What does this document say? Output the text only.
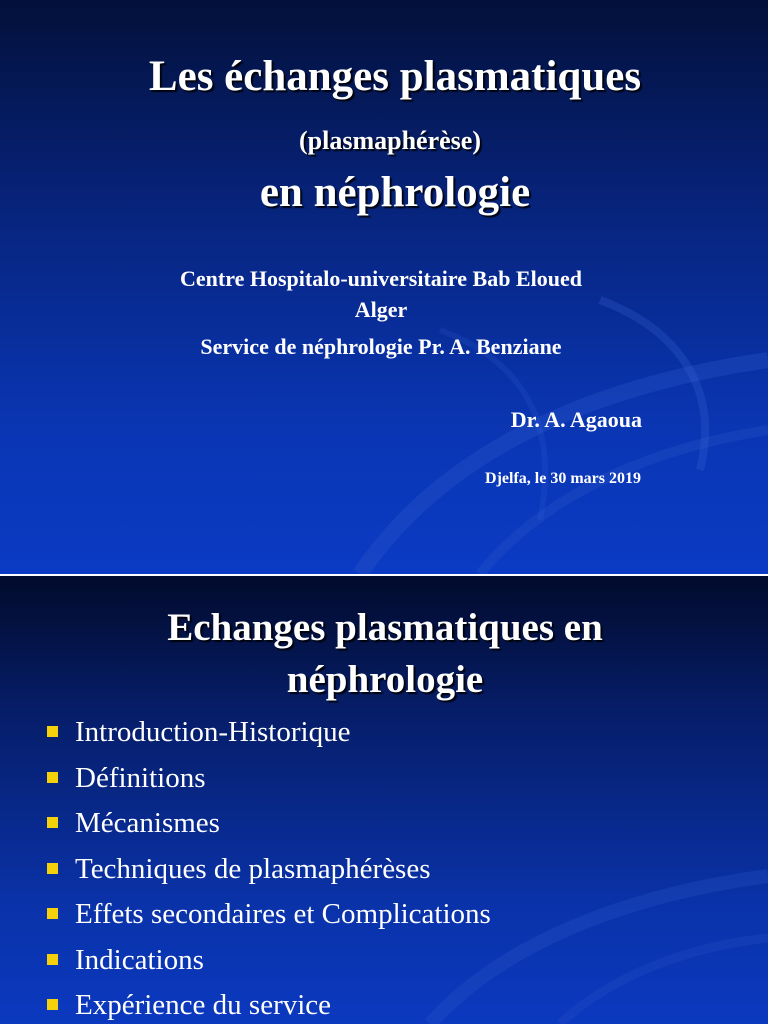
Les échanges plasmatiques
(plasmaphérèse)
en néphrologie
Centre Hospitalo-universitaire Bab Eloued
Alger
Service de néphrologie Pr. A. Benziane
Dr. A. Agaoua
Djelfa, le 30 mars 2019
Echanges plasmatiques en
néphrologie
Introduction-Historique
Définitions
Mécanismes
Techniques de plasmaphérèses
Effets secondaires et Complications
Indications
Expérience du service
